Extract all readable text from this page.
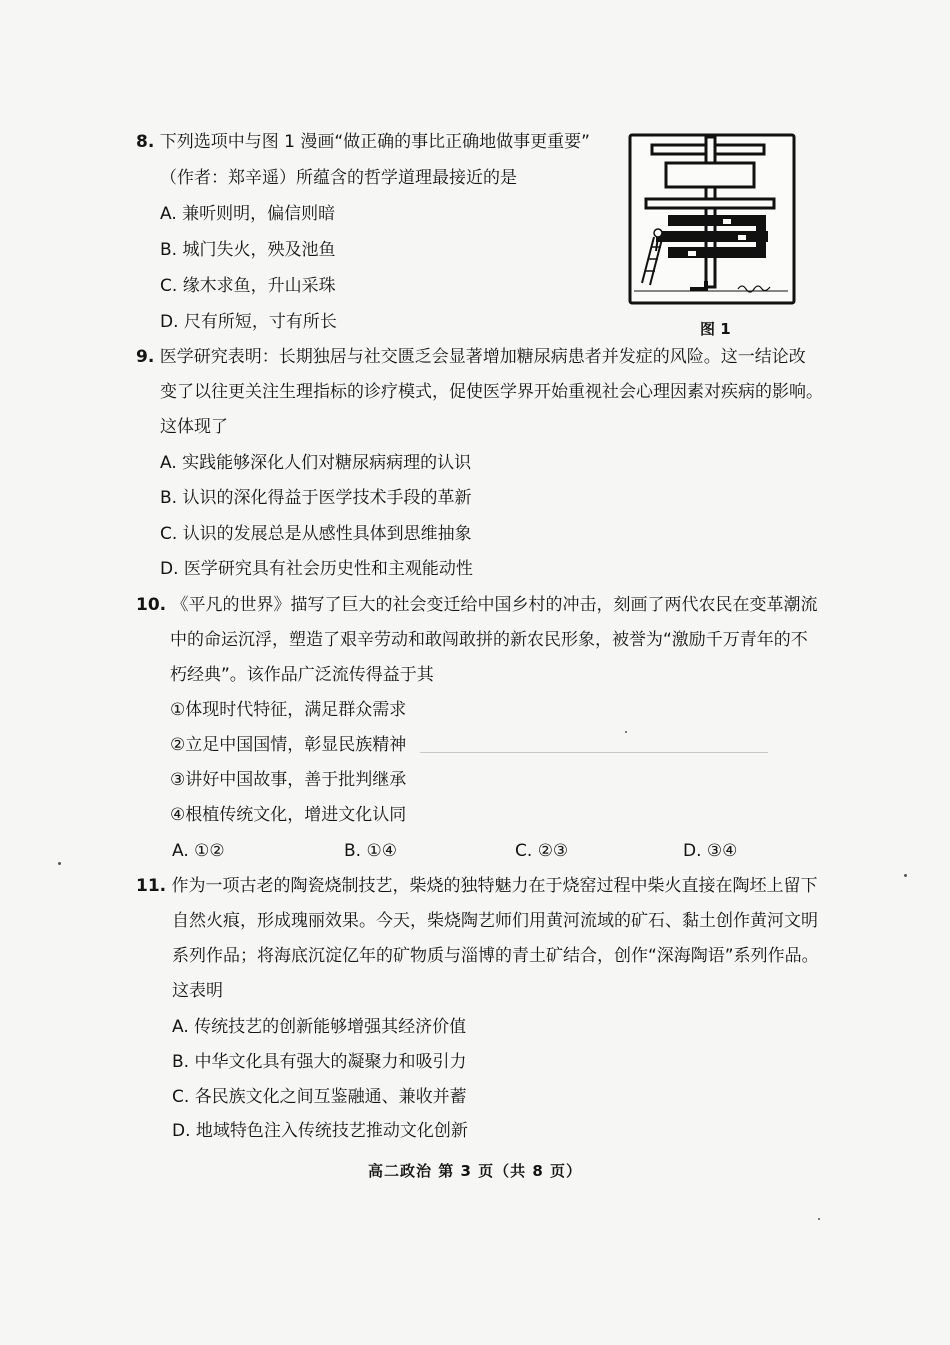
8. 下列选项中与图 1 漫画“做正确的事比正确地做事更重要”
（作者：郑辛遥）所蕴含的哲学道理最接近的是
A. 兼听则明，偏信则暗
B. 城门失火，殃及池鱼
C. 缘木求鱼，升山采珠
D. 尺有所短，寸有所长	图 1
9. 医学研究表明：长期独居与社交匮乏会显著增加糖尿病患者并发症的风险。这一结论改
变了以往更关注生理指标的诊疗模式，促使医学界开始重视社会心理因素对疾病的影响。
这体现了
A. 实践能够深化人们对糖尿病病理的认识
B. 认识的深化得益于医学技术手段的革新
C. 认识的发展总是从感性具体到思维抽象
D. 医学研究具有社会历史性和主观能动性
10. 《平凡的世界》描写了巨大的社会变迁给中国乡村的冲击，刻画了两代农民在变革潮流
中的命运沉浮，塑造了艰辛劳动和敢闯敢拼的新农民形象，被誉为“激励千万青年的不
朽经典”。该作品广泛流传得益于其
①体现时代特征，满足群众需求
②立足中国国情，彰显民族精神
③讲好中国故事，善于批判继承
④根植传统文化，增进文化认同
A. ①②	B. ①④	C. ②③	D. ③④
11. 作为一项古老的陶瓷烧制技艺，柴烧的独特魅力在于烧窑过程中柴火直接在陶坯上留下
自然火痕，形成瑰丽效果。今天，柴烧陶艺师们用黄河流域的矿石、黏土创作黄河文明
系列作品；将海底沉淀亿年的矿物质与淄博的青土矿结合，创作“深海陶语”系列作品。
这表明
A. 传统技艺的创新能够增强其经济价值
B. 中华文化具有强大的凝聚力和吸引力
C. 各民族文化之间互鉴融通、兼收并蓄
D. 地域特色注入传统技艺推动文化创新
高二政治 第 3 页（共 8 页）
